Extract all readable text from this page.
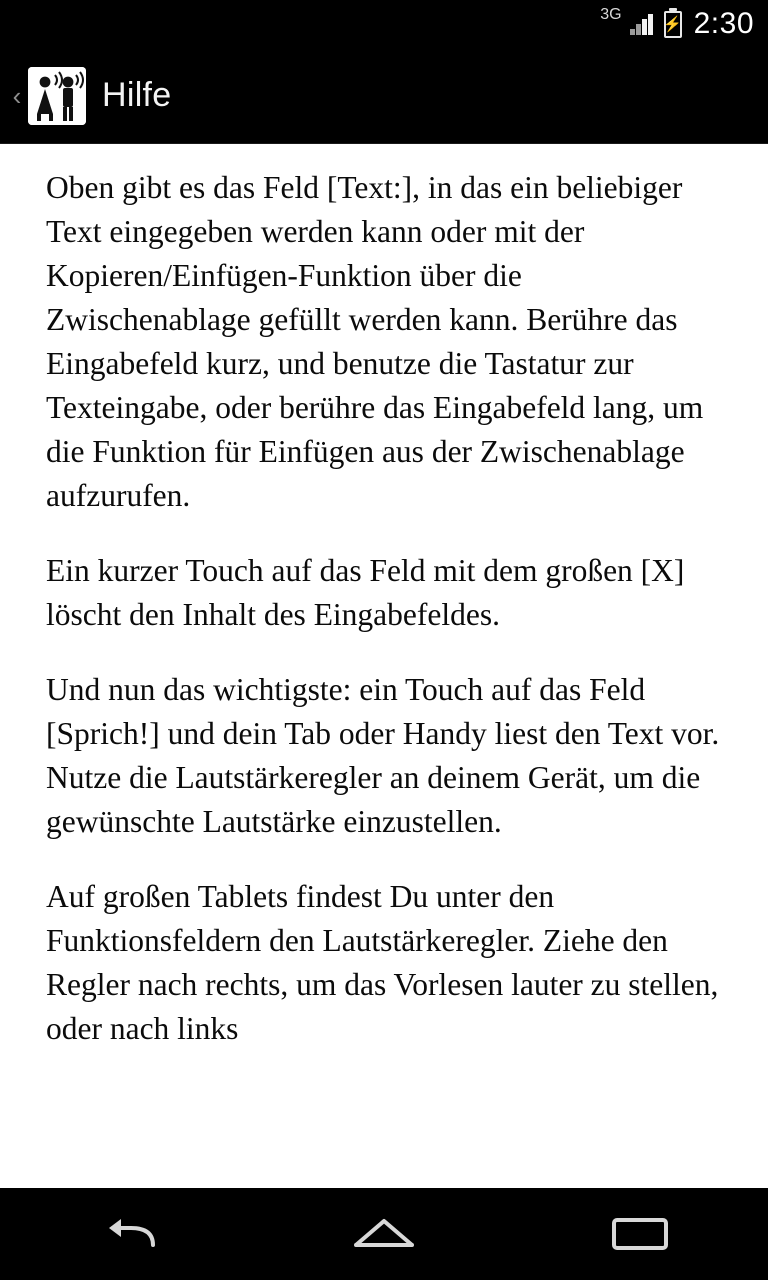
3G
⚡ 2:30
‹ Hilfe

Oben gibt es das Feld [Text:], in das ein beliebiger Text eingegeben werden kann oder mit der Kopieren/Einfügen-Funktion über die Zwischenablage gefüllt werden kann. Berühre das Eingabefeld kurz, und benutze die Tastatur zur Texteingabe, oder berühre das Eingabefeld lang, um die Funktion für Einfügen aus der Zwischenablage aufzurufen.

Ein kurzer Touch auf das Feld mit dem großen [X] löscht den Inhalt des Eingabefeldes.

Und nun das wichtigste: ein Touch auf das Feld [Sprich!] und dein Tab oder Handy liest den Text vor. Nutze die Lautstärkeregler an deinem Gerät, um die gewünschte Lautstärke einzustellen.

Auf großen Tablets findest Du unter den Funktionsfeldern den Lautstärkeregler. Ziehe den Regler nach rechts, um das Vorlesen lauter zu stellen, oder nach links
